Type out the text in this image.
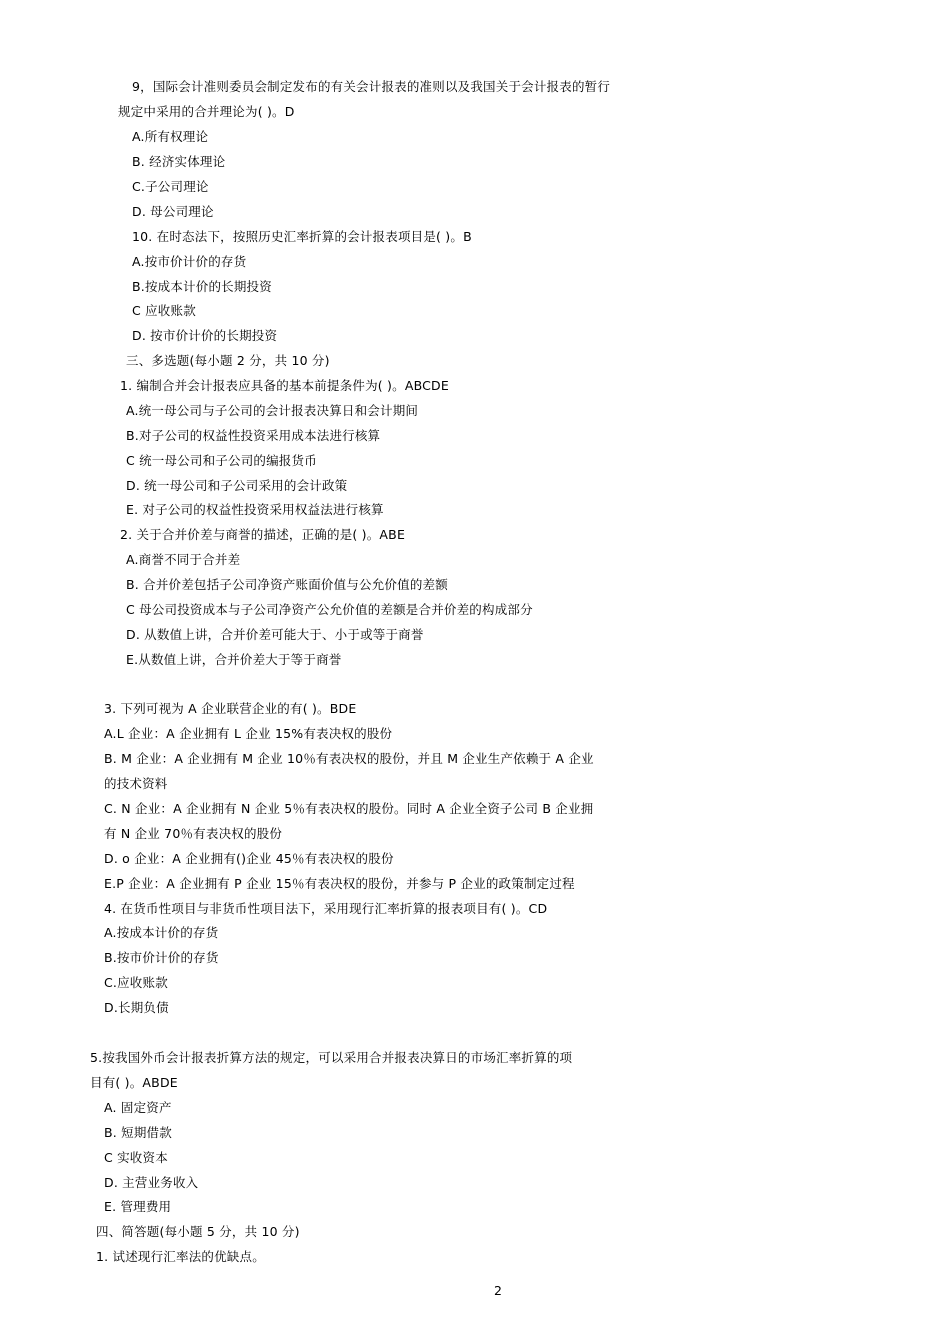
9，国际会计准则委员会制定发布的有关会计报表的准则以及我国关于会计报表的暂行
规定中采用的合并理论为( )。D
A.所有权理论
B. 经济实体理论
C.子公司理论
D. 母公司理论
10. 在时态法下，按照历史汇率折算的会计报表项目是( )。B
A.按市价计价的存货
B.按成本计价的长期投资
C 应收账款
D. 按市价计价的长期投资
三、多选题(每小题 2 分，共 10 分)
1. 编制合并会计报表应具备的基本前提条件为( )。ABCDE
A.统一母公司与子公司的会计报表决算日和会计期间
B.对子公司的权益性投资采用成本法进行核算
C 统一母公司和子公司的编报货币
D. 统一母公司和子公司采用的会计政策
E. 对子公司的权益性投资采用权益法进行核算
2. 关于合并价差与商誉的描述，正确的是( )。ABE
A.商誉不同于合并差
B. 合并价差包括子公司净资产账面价值与公允价值的差额
C 母公司投资成本与子公司净资产公允价值的差额是合并价差的构成部分
D. 从数值上讲，合并价差可能大于、小于或等于商誉
E.从数值上讲，合并价差大于等于商誉
3. 下列可视为 A 企业联营企业的有( )。BDE
A.L 企业：A 企业拥有 L 企业 15%有表决权的股份
B. M 企业：A 企业拥有 M 企业 10％有表决权的股份，并且 M 企业生产依赖于 A 企业
的技术资料
C. N 企业：A 企业拥有 N 企业 5％有表决权的股份。同时 A 企业全资子公司 B 企业拥
有 N 企业 70％有表决权的股份
D. o 企业：A 企业拥有()企业 45％有表决权的股份
E.P 企业：A 企业拥有 P 企业 15％有表决权的股份，并参与 P 企业的政策制定过程
4. 在货币性项目与非货币性项目法下，采用现行汇率折算的报表项目有( )。CD
A.按成本计价的存货
B.按市价计价的存货
C.应收账款
D.长期负债
5.按我国外币会计报表折算方法的规定，可以采用合并报表决算日的市场汇率折算的项
目有( )。ABDE
A. 固定资产
B. 短期借款
C 实收资本
D. 主营业务收入
E. 管理费用
四、简答题(每小题 5 分，共 10 分)
1. 试述现行汇率法的优缺点。
2
